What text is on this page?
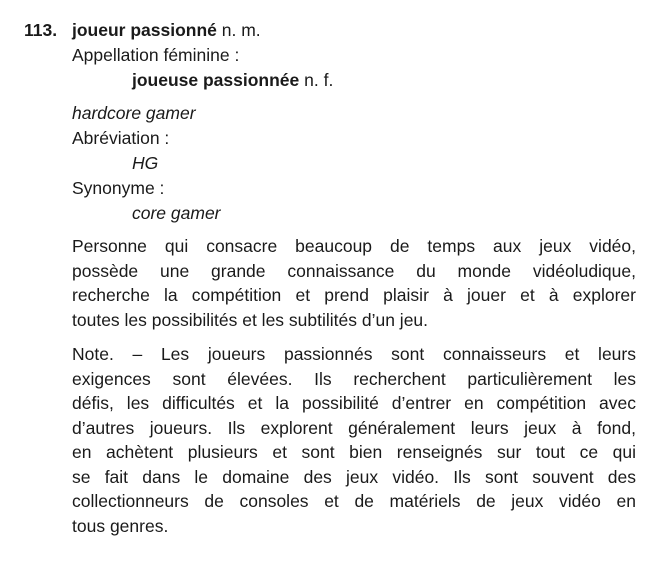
113. joueur passionné n. m.
Appellation féminine :
joueuse passionnée n. f.
hardcore gamer
Abréviation :
HG
Synonyme :
core gamer
Personne qui consacre beaucoup de temps aux jeux vidéo,
possède une grande connaissance du monde vidéoludique,
recherche la compétition et prend plaisir à jouer et à explorer
toutes les possibilités et les subtilités d’un jeu.
Note. – Les joueurs passionnés sont connaisseurs et leurs
exigences sont élevées. Ils recherchent particulièrement les
défis, les difficultés et la possibilité d’entrer en compétition avec
d’autres joueurs. Ils explorent généralement leurs jeux à fond,
en achètent plusieurs et sont bien renseignés sur tout ce qui
se fait dans le domaine des jeux vidéo. Ils sont souvent des
collectionneurs de consoles et de matériels de jeux vidéo en
tous genres.
